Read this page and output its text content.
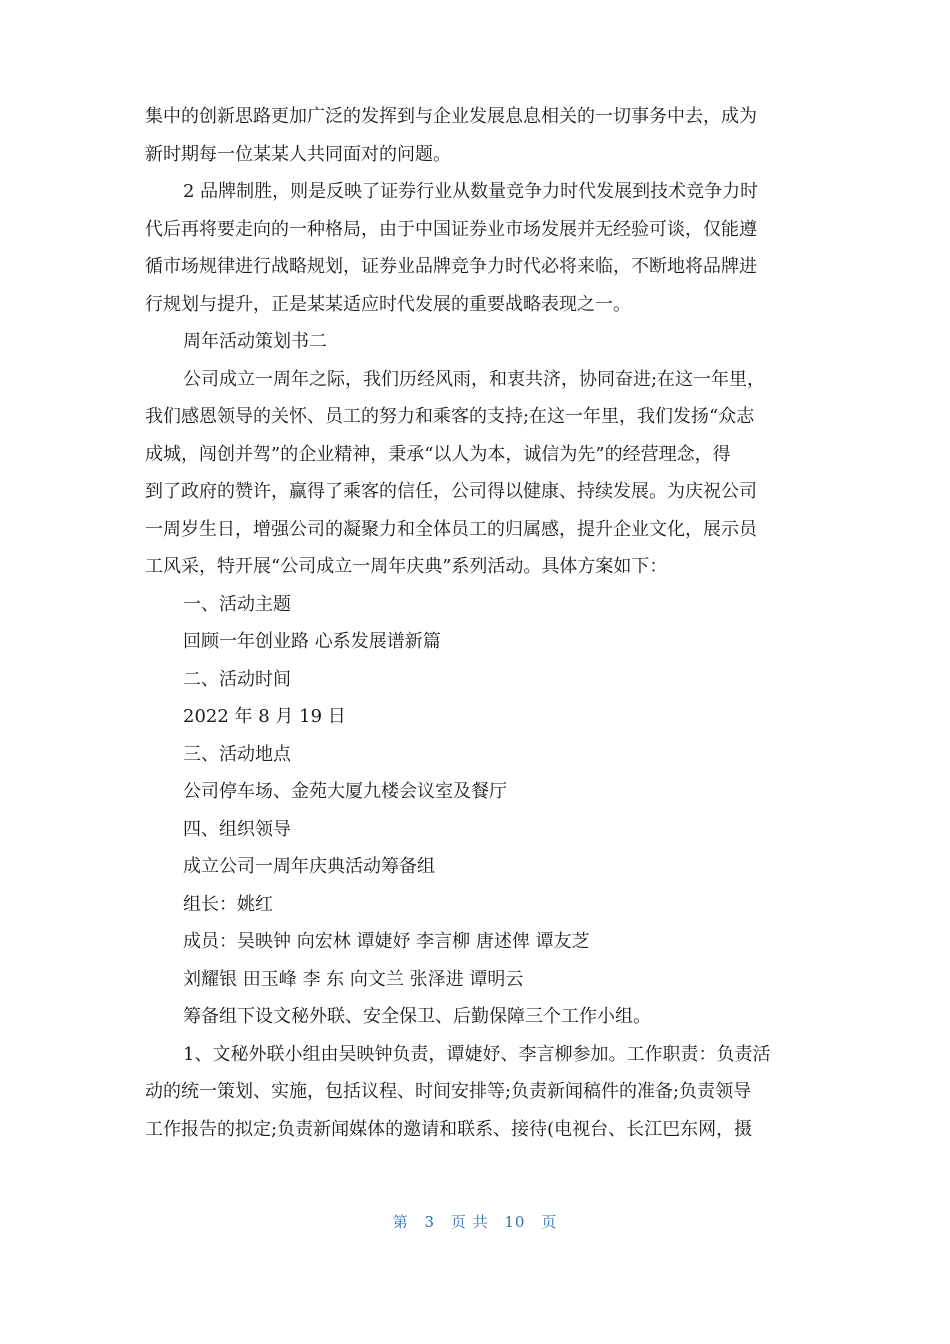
集中的创新思路更加广泛的发挥到与企业发展息息相关的一切事务中去，成为
新时期每一位某某人共同面对的问题。
2 品牌制胜，则是反映了证券行业从数量竞争力时代发展到技术竞争力时
代后再将要走向的一种格局，由于中国证券业市场发展并无经验可谈，仅能遵
循市场规律进行战略规划，证券业品牌竞争力时代必将来临，不断地将品牌进
行规划与提升，正是某某适应时代发展的重要战略表现之一。
周年活动策划书二
公司成立一周年之际，我们历经风雨，和衷共济，协同奋进;在这一年里，
我们感恩领导的关怀、员工的努力和乘客的支持;在这一年里，我们发扬“众志
成城，闯创并驾”的企业精神，秉承“以人为本，诚信为先”的经营理念，得
到了政府的赞许，赢得了乘客的信任，公司得以健康、持续发展。为庆祝公司
一周岁生日，增强公司的凝聚力和全体员工的归属感，提升企业文化，展示员
工风采，特开展“公司成立一周年庆典”系列活动。具体方案如下：
一、活动主题
回顾一年创业路 心系发展谱新篇
二、活动时间
2022 年 8 月 19 日
三、活动地点
公司停车场、金苑大厦九楼会议室及餐厅
四、组织领导
成立公司一周年庆典活动筹备组
组长：姚红
成员：吴映钟 向宏林 谭婕妤 李言柳 唐述俾 谭友芝
刘耀银 田玉峰 李 东 向文兰 张泽进 谭明云
筹备组下设文秘外联、安全保卫、后勤保障三个工作小组。
1、文秘外联小组由吴映钟负责，谭婕妤、李言柳参加。工作职责：负责活
动的统一策划、实施，包括议程、时间安排等;负责新闻稿件的准备;负责领导
工作报告的拟定;负责新闻媒体的邀请和联系、接待(电视台、长江巴东网，摄
第 3 页 共 10 页
